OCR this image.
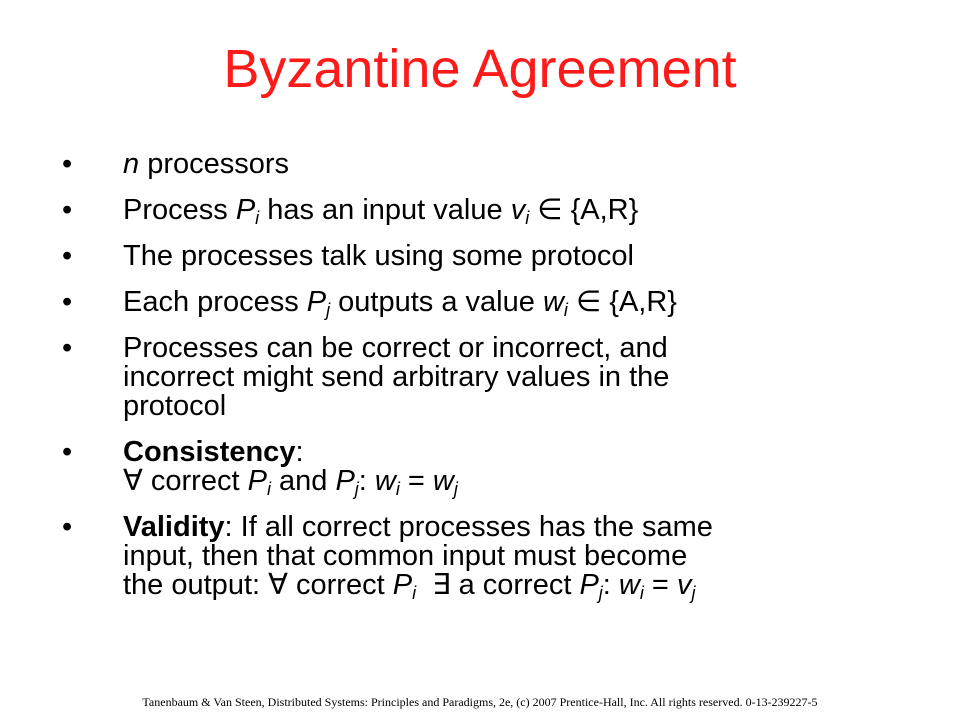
Byzantine Agreement
•	n processors
•	Process $P_i$ has an input value $v_i$ ∈ {A,R}
•	The processes talk using some protocol
•	Each process $P_j$ outputs a value $w_i$ ∈ {A,R}
•	Processes can be correct or incorrect, and
incorrect might send arbitrary values in the
protocol
•	Consistency:
∀ correct $P_i$ and $P_j$: $w_i = w_j$
•	Validity: If all correct processes has the same
input, then that common input must become
the output: ∀ correct $P_i$ ∃ a correct $P_j$: $w_i = v_j$
Tanenbaum & Van Steen, Distributed Systems: Principles and Paradigms, 2e, (c) 2007 Prentice-Hall, Inc. All rights reserved. 0-13-239227-5
